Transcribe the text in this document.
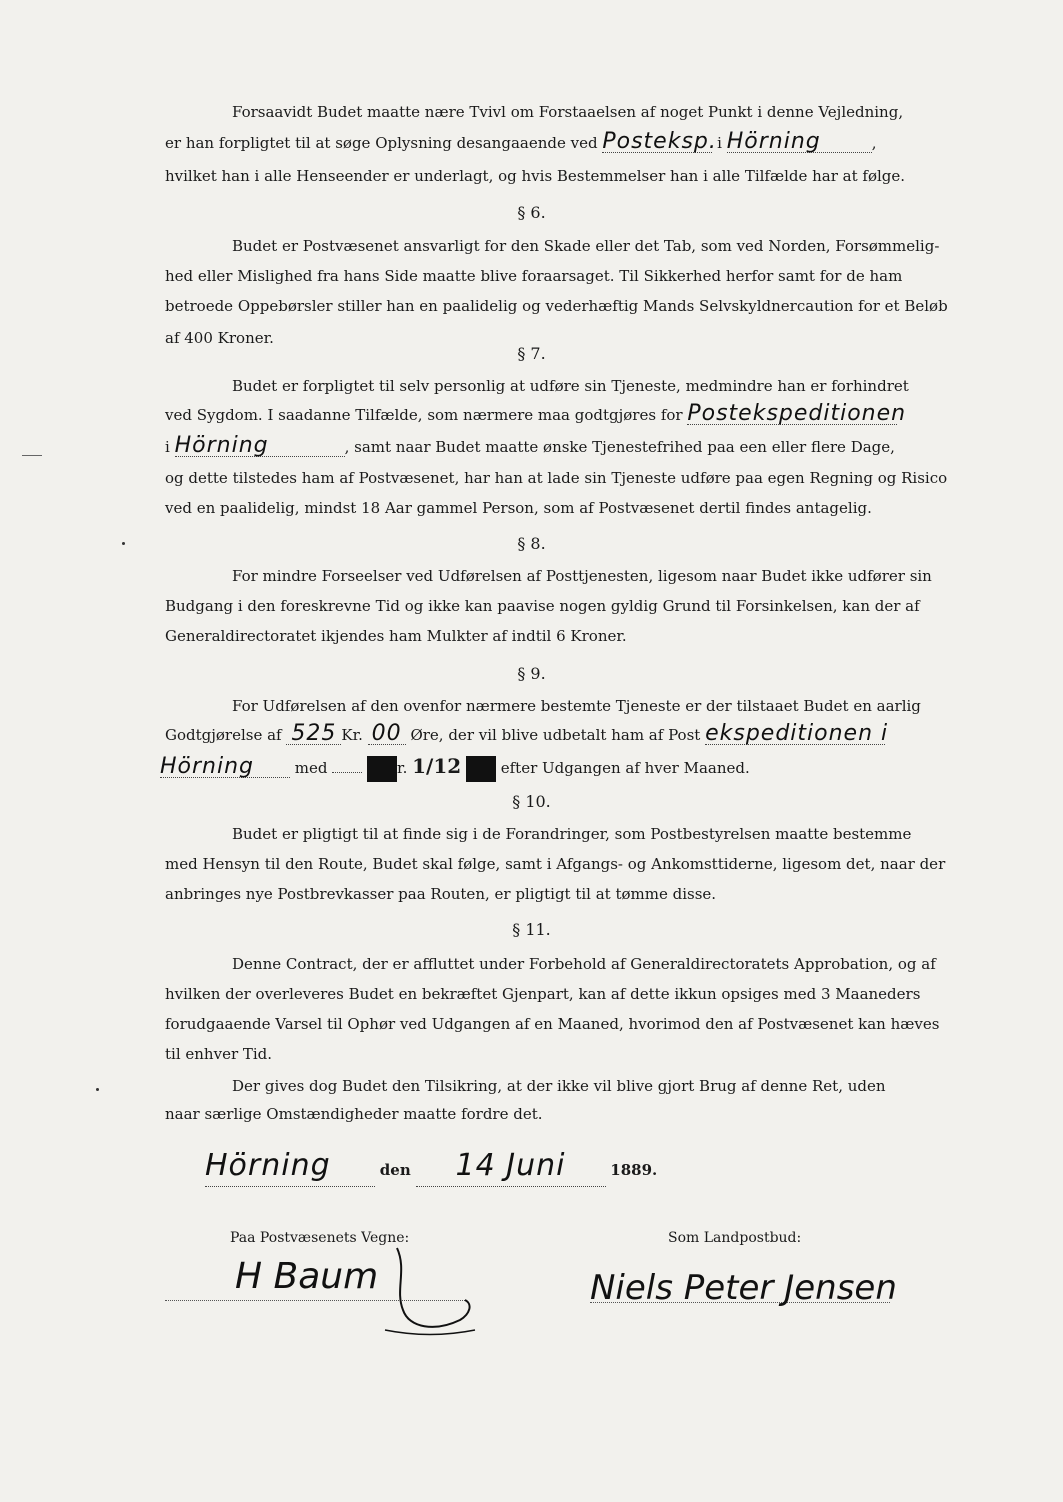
Forsaavidt Budet maatte nære Tvivl om Forstaaelsen af noget Punkt i denne Vejledning,
er han forpligtet til at søge Oplysning desangaaende ved Posteksp. i Hörning	,
hvilket han i alle Henseender er underlagt, og hvis Bestemmelser han i alle Tilfælde har at følge.
§ 6.
Budet er Postvæsenet ansvarligt for den Skade eller det Tab, som ved Norden, Forsømmelig-
hed eller Mislighed fra hans Side maatte blive foraarsaget. Til Sikkerhed herfor samt for de ham
betroede Oppebørsler stiller han en paalidelig og vederhæftig Mands Selvskyldnercaution for et Beløb
af 400 Kroner.
§ 7.
Budet er forpligtet til selv personlig at udføre sin Tjeneste, medmindre han er forhindret
ved Sygdom. I saadanne Tilfælde, som nærmere maa godtgjøres for Postekspeditionen
i Hörning	, samt naar Budet maatte ønske Tjenestefrihed paa een eller flere Dage,
og dette tilstedes ham af Postvæsenet, har han at lade sin Tjeneste udføre paa egen Regning og Risico
ved en paalidelig, mindst 18 Aar gammel Person, som af Postvæsenet dertil findes antagelig.
§ 8.
For mindre Forseelser ved Udførelsen af Posttjenesten, ligesom naar Budet ikke udfører sin
Budgang i den foreskrevne Tid og ikke kan paavise nogen gyldig Grund til Forsinkelsen, kan der af
Generaldirectoratet ikjendes ham Mulkter af indtil 6 Kroner.
§ 9.
For Udførelsen af den ovenfor nærmere bestemte Tjeneste er der tilstaaet Budet en aarlig
Godtgjørelse af 525 Kr. 00 Øre, der vil blive udbetalt ham af Post ekspeditionen i
Hörning	med	r. 1/12	efter Udgangen af hver Maaned.
§ 10.
Budet er pligtigt til at finde sig i de Forandringer, som Postbestyrelsen maatte bestemme
med Hensyn til den Route, Budet skal følge, samt i Afgangs- og Ankomsttiderne, ligesom det, naar der
anbringes nye Postbrevkasser paa Routen, er pligtigt til at tømme disse.
§ 11.
Denne Contract, der er affluttet under Forbehold af Generaldirectoratets Approbation, og af
hvilken der overleveres Budet en bekræftet Gjenpart, kan af dette ikkun opsiges med 3 Maaneders
forudgaaende Varsel til Ophør ved Udgangen af en Maaned, hvorimod den af Postvæsenet kan hæves
til enhver Tid.
Der gives dog Budet den Tilsikring, at der ikke vil blive gjort Brug af denne Ret, uden
naar særlige Omstændigheder maatte fordre det.
Hörning	den 14 Juni	1889.
Paa Postvæsenets Vegne:	Som Landpostbud:
H Baum	Niels Peter Jensen
